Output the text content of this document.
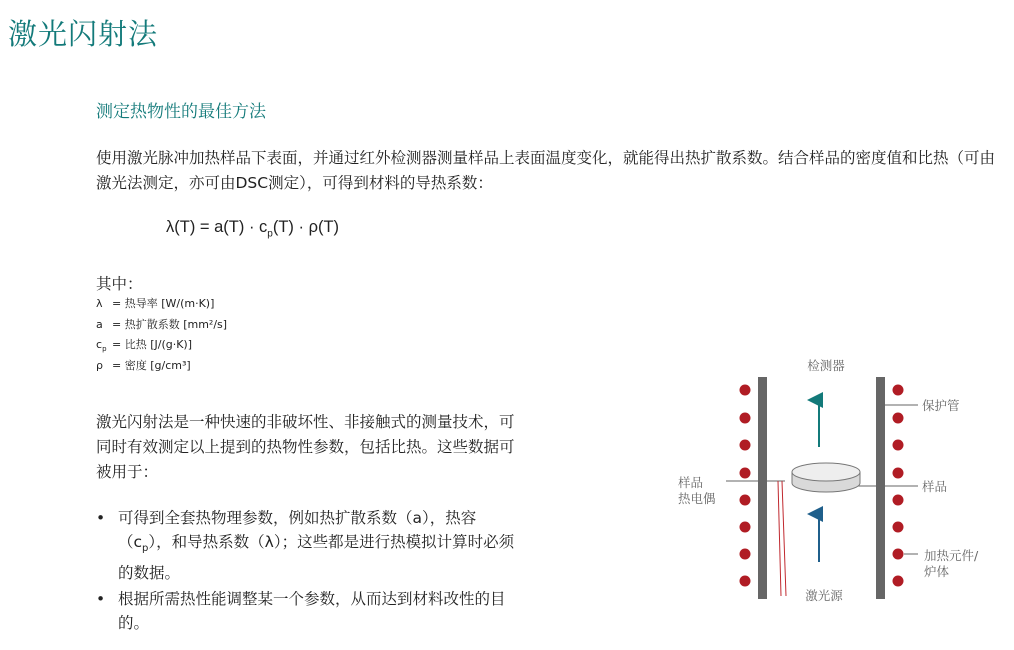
激光闪射法
测定热物性的最佳方法
使用激光脉冲加热样品下表面，并通过红外检测器测量样品上表面温度变化，就能得出热扩散系数。结合样品的密度值和比热（可由激光法测定，亦可由DSC测定），可得到材料的导热系数：
$\lambda(T) = a(T) \cdot c_p(T) \cdot \rho(T)$
其中：
λ = 热导率 [W/(m·K)]
a = 热扩散系数 [mm²/s]
$c_p$ = 比热 [J/(g·K)]
ρ = 密度 [g/cm³]
激光闪射法是一种快速的非破坏性、非接触式的测量技术，可同时有效测定以上提到的热物性参数，包括比热。这些数据可被用于：
• 可得到全套热物理参数，例如热扩散系数（a），热容$(c_p)$，和导热系数（λ）；这些都是进行热模拟计算时必须的数据。
• 根据所需热性能调整某一个参数，从而达到材料改性的目的。
检测器
保护管
样品
加热元件/
炉体
激光源
样品
热电偶
